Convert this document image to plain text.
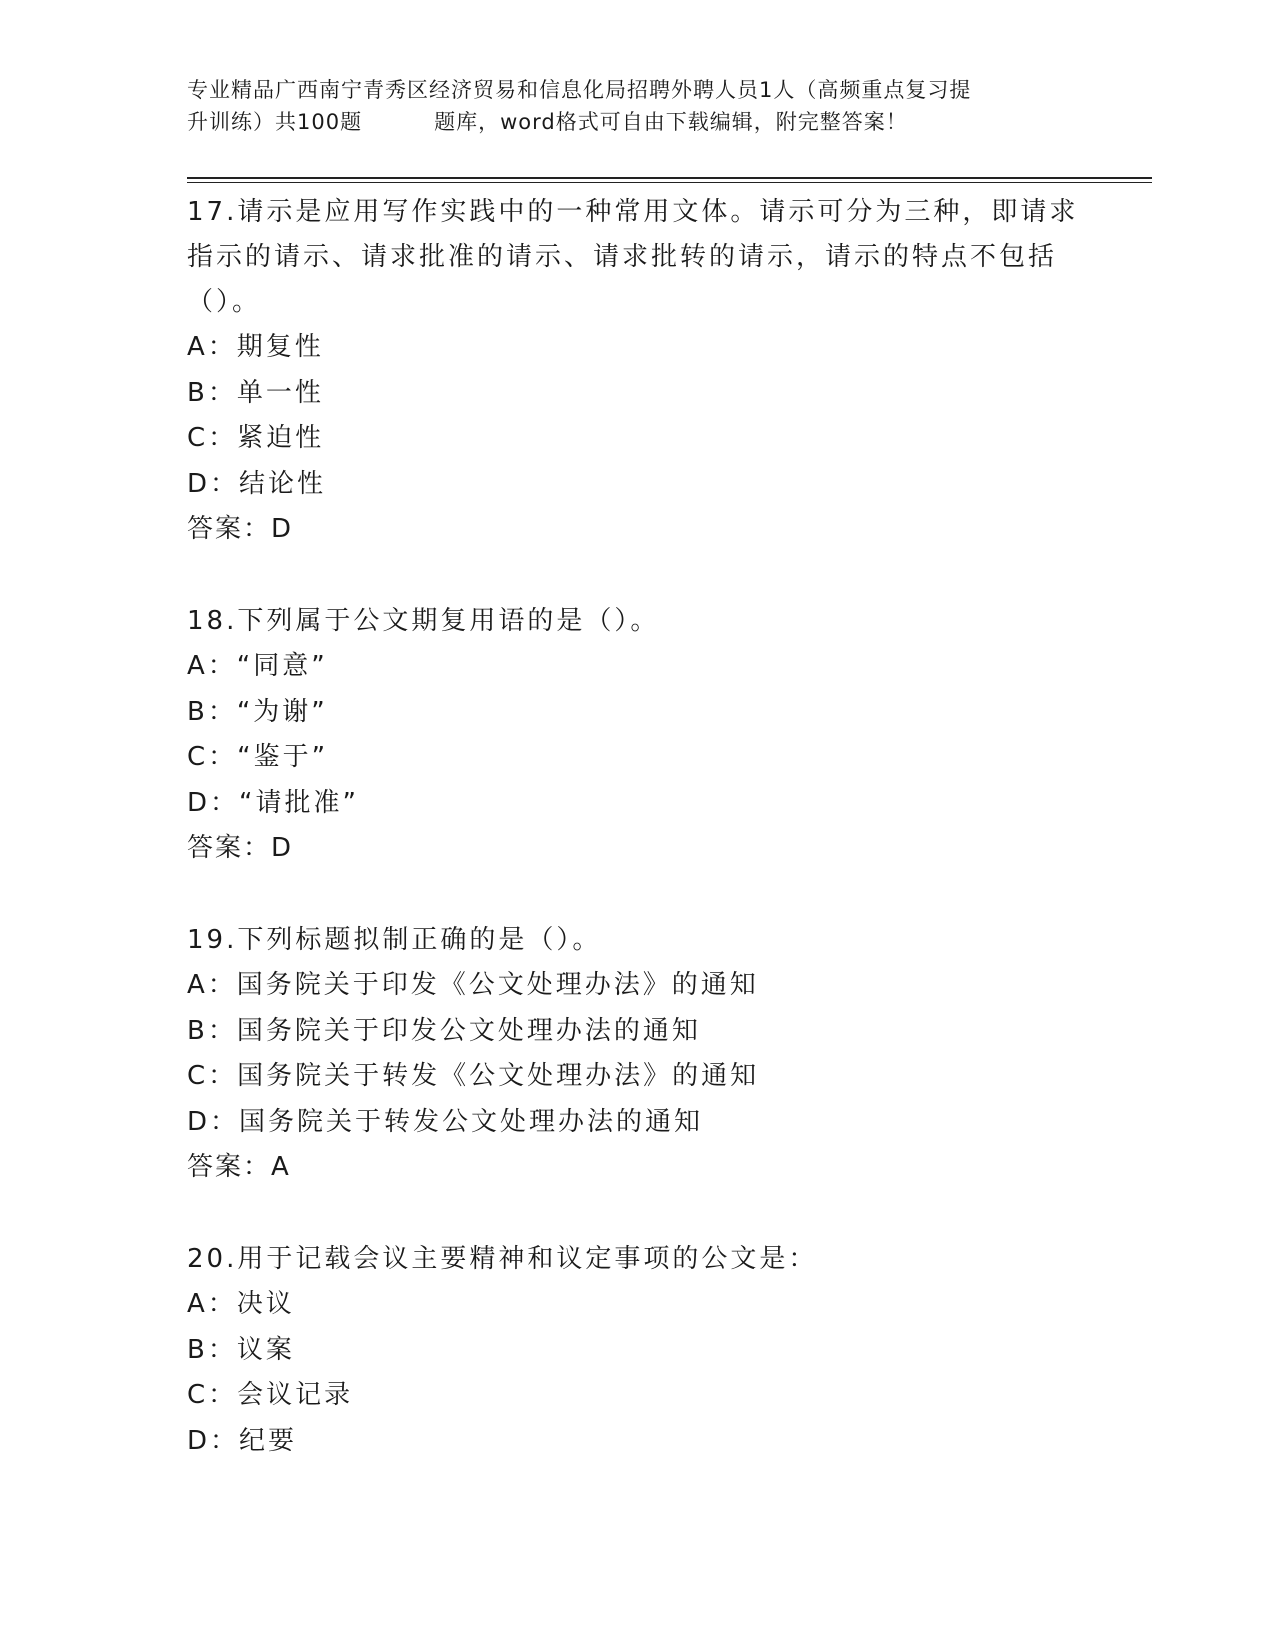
专业精品广西南宁青秀区经济贸易和信息化局招聘外聘人员1人（高频重点复习提
升训练）共100题	题库，word格式可自由下载编辑，附完整答案！
17.请示是应用写作实践中的一种常用文体。请示可分为三种，即请求
指示的请示、请求批准的请示、请求批转的请示，请示的特点不包括
（）。
A：期复性
B：单一性
C：紧迫性
D：结论性
答案：D
18.下列属于公文期复用语的是（）。
A：“同意”
B：“为谢”
C：“鉴于”
D：“请批准”
答案：D
19.下列标题拟制正确的是（）。
A：国务院关于印发《公文处理办法》的通知
B：国务院关于印发公文处理办法的通知
C：国务院关于转发《公文处理办法》的通知
D：国务院关于转发公文处理办法的通知
答案：A
20.用于记载会议主要精神和议定事项的公文是：
A：决议
B：议案
C：会议记录
D：纪要
